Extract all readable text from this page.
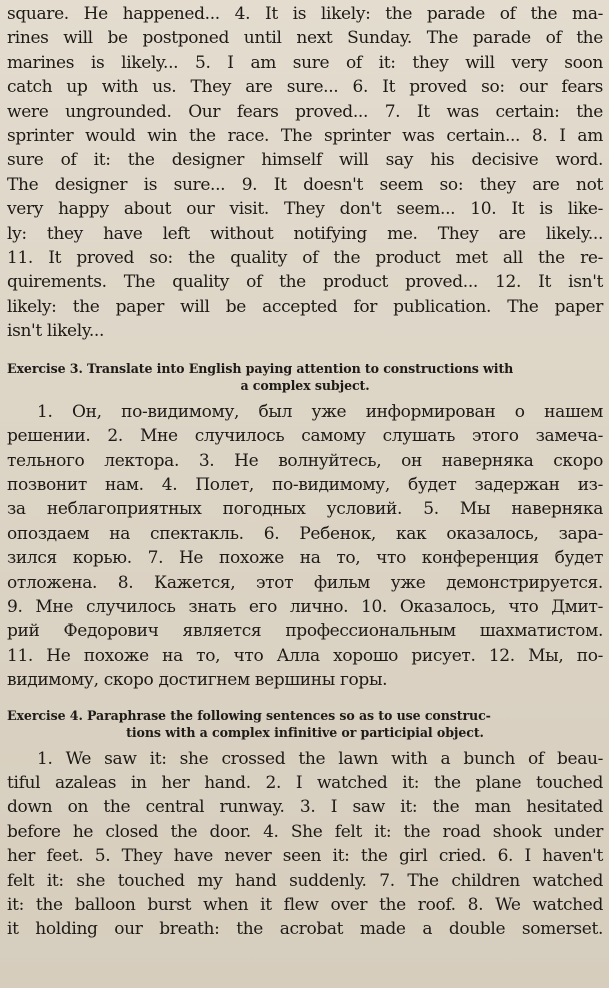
square. He happened... 4. It is likely: the parade of the ma-
rines will be postponed until next Sunday. The parade of the
marines is likely... 5. I am sure of it: they will very soon
catch up with us. They are sure... 6. It proved so: our fears
were ungrounded. Our fears proved... 7. It was certain: the
sprinter would win the race. The sprinter was certain... 8. I am
sure of it: the designer himself will say his decisive word.
The designer is sure... 9. It doesn't seem so: they are not
very happy about our visit. They don't seem... 10. It is like-
ly: they have left without notifying me. They are likely...
11. It proved so: the quality of the product met all the re-
quirements. The quality of the product proved... 12. It isn't
likely: the paper will be accepted for publication. The paper
isn't likely...
Exercise 3. Translate into English paying attention to constructions with
a complex subject.
1. Он, по-видимому, был уже информирован о нашем
решении. 2. Мне случилось самому слушать этого замеча-
тельного лектора. 3. Не волнуйтесь, он наверняка скоро
позвонит нам. 4. Полет, по-видимому, будет задержан из-
за неблагоприятных погодных условий. 5. Мы наверняка
опоздаем на спектакль. 6. Ребенок, как оказалось, зара-
зился корью. 7. Не похоже на то, что конференция будет
отложена. 8. Кажется, этот фильм уже демонстрируется.
9. Мне случилось знать его лично. 10. Оказалось, что Дмит-
рий Федорович является профессиональным шахматистом.
11. Не похоже на то, что Алла хорошо рисует. 12. Мы, по-
видимому, скоро достигнем вершины горы.
Exercise 4. Paraphrase the following sentences so as to use construc-
tions with a complex infinitive or participial object.
1. We saw it: she crossed the lawn with a bunch of beau-
tiful azaleas in her hand. 2. I watched it: the plane touched
down on the central runway. 3. I saw it: the man hesitated
before he closed the door. 4. She felt it: the road shook under
her feet. 5. They have never seen it: the girl cried. 6. I haven't
felt it: she touched my hand suddenly. 7. The children watched
it: the balloon burst when it flew over the roof. 8. We watched
it holding our breath: the acrobat made a double somerset.
